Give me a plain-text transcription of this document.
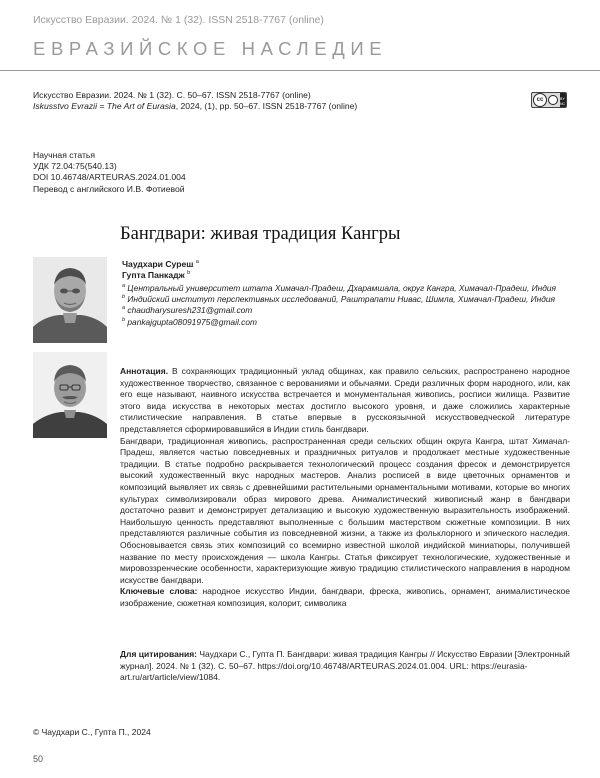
Искусство Евразии. 2024. № 1 (32). ISSN 2518-7767 (online)
ЕВРАЗИЙСКОЕ НАСЛЕДИЕ
Искусство Евразии. 2024. № 1 (32). С. 50–67. ISSN 2518-7767 (online)
Iskusstvo Evrazii = The Art of Eurasia, 2024, (1), pp. 50–67. ISSN 2518-7767 (online)
cc	BY NC
Научная статья
УДК 72.04:75(540.13)
DOI 10.46748/ARTEURAS.2024.01.004
Перевод с английского И.В. Фотиевой
Бангдвари: живая традиция Кангры
Чаудхари Суреш $^a$
Гупта Панкадж $^b$
$^a$ Центральный университет штата Химачал-Прадеш, Дхарамшала, округ Кангра, Химачал-Прадеш, Индия
$^b$ Индийский институт перспективных исследований, Раштрапати Нивас, Шимла, Химачал-Прадеш, Индия
$^a$ chaudharysuresh231@gmail.com
$^b$ pankajgupta08091975@gmail.com

Аннотация. В сохраняющих традиционный уклад общинах, как правило сельских, распространено народное художественное творчество, связанное с верованиями и обычаями. Среди различных форм народного, или, как его еще называют, наивного искусства встречается и монументальная живопись, росписи жилища. Развитие этого вида искусства в некоторых местах достигло высокого уровня, и даже сложились характерные стилистические направления. В статье впервые в русскоязычной искусствоведческой литературе представляется сформировавшийся в Индии стиль бангдвари.

Бангдвари, традиционная живопись, распространенная среди сельских общин округа Кангра, штат Химачал-Прадеш, является частью повседневных и праздничных ритуалов и продолжает местные художественные традиции. В статье подробно раскрывается технологический процесс создания фресок и демонстрируется высокий художественный вкус народных мастеров. Анализ росписей в виде цветочных орнаментов и композиций выявляет их связь с древнейшими растительными орнаментальными мотивами, которые во многих культурах символизировали образ мирового древа. Анималистический живописный жанр в бангдвари достаточно развит и демонстрирует детализацию и высокую художественную выразительность изображений. Наибольшую ценность представляют выполненные с большим мастерством сюжетные композиции. В них представляются различные события из повседневной жизни, а также из фольклорного и эпического наследия. Обосновывается связь этих композиций со всемирно известной школой индийской миниатюры, получившей название по месту происхождения — школа Кангры. Статья фиксирует технологические, художественные и мировоззренческие особенности, характеризующие живую традицию стилистического направления в народном искусстве бангдвари.

Ключевые слова: народное искусство Индии, бангдвари, фреска, живопись, орнамент, анималистическое изображение, сюжетная композиция, колорит, символика

Для цитирования: Чаудхари С., Гупта П. Бангдвари: живая традиция Кангры // Искусство Евразии [Электронный журнал]. 2024. № 1 (32). С. 50–67. https://doi.org/10.46748/ARTEURAS.2024.01.004. URL: https://eurasia-art.ru/art/article/view/1084.
© Чаудхари С., Гупта П., 2024
50
